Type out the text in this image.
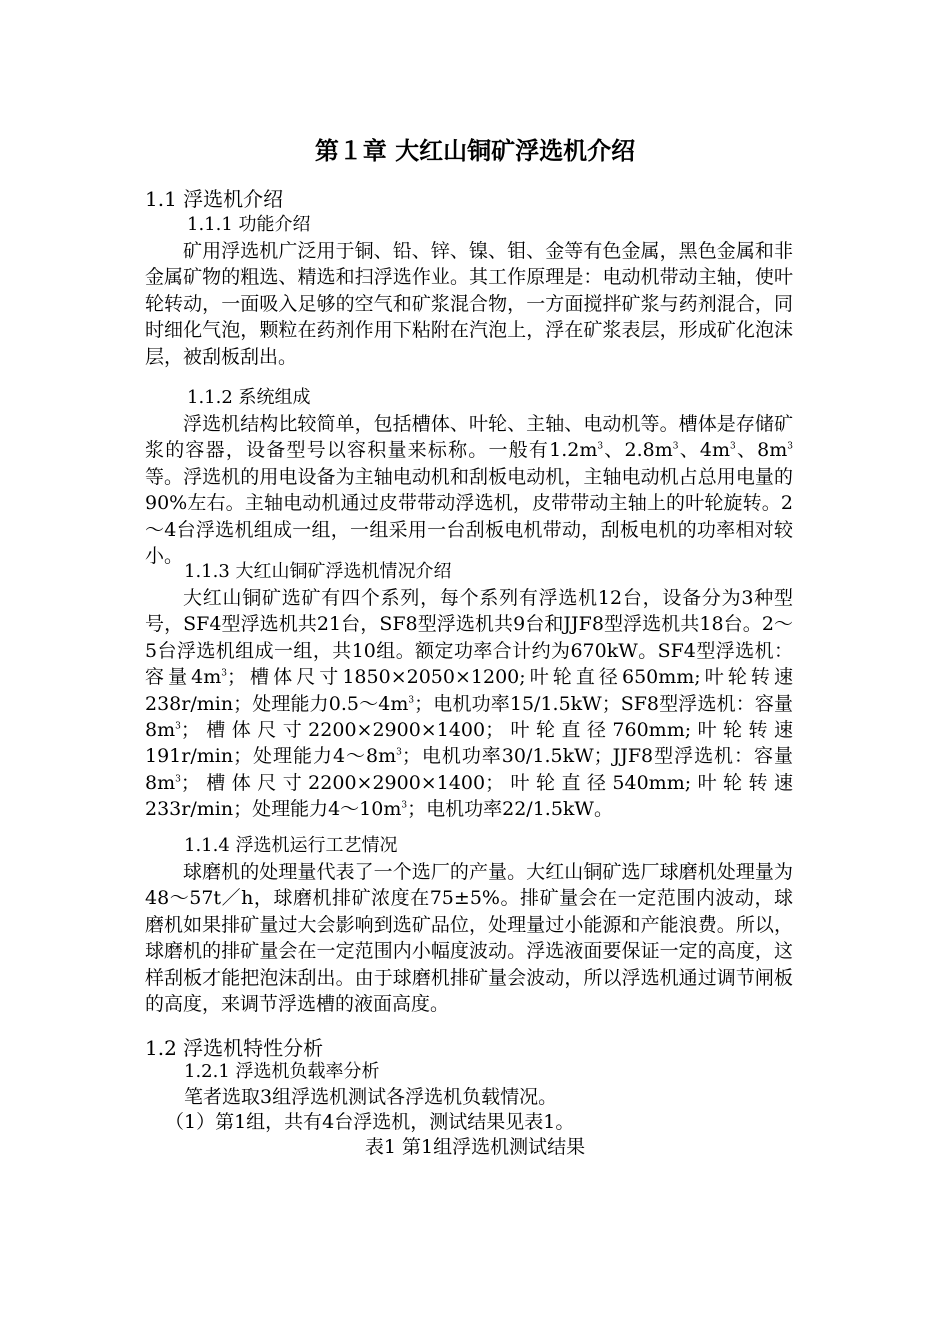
第１章 大红山铜矿浮选机介绍
1.1 浮选机介绍
1.1.1 功能介绍
矿用浮选机广泛用于铜、铅、锌、镍、钼、金等有色金属，黑色金属和非金属矿物的粗选、精选和扫浮选作业。其工作原理是：电动机带动主轴，使叶轮转动，一面吸入足够的空气和矿浆混合物，一方面搅拌矿浆与药剂混合，同时细化气泡，颗粒在药剂作用下粘附在汽泡上，浮在矿浆表层，形成矿化泡沫层，被刮板刮出。
1.1.2 系统组成
浮选机结构比较简单，包括槽体、叶轮、主轴、电动机等。槽体是存储矿浆的容器，设备型号以容积量来标称。一般有$1.2m^3$、$2.8m^3$、$4m^3$、$8m^3$等。浮选机的用电设备为主轴电动机和刮板电动机，主轴电动机占总用电量的90%左右。主轴电动机通过皮带带动浮选机，皮带带动主轴上的叶轮旋转。2～4台浮选机组成一组，一组采用一台刮板电机带动，刮板电机的功率相对较小。
1.1.3 大红山铜矿浮选机情况介绍
大红山铜矿选矿有四个系列，每个系列有浮选机12台，设备分为3种型号，SF4型浮选机共21台，SF8型浮选机共9台和JJF8型浮选机共18台。2～5台浮选机组成一组，共10组。额定功率合计约为670kW。SF4型浮选机：容量$4m^3$；槽体尺寸1850×2050×1200;叶轮直径650mm;叶轮转速238r/min；处理能力$0.5\sim 4m^3$；电机功率15/1.5kW；SF8型浮选机：容量$8m^3$；槽体尺寸2200×2900×1400；叶轮直径760mm;叶轮转速191r/min；处理能力$4\sim 8m^3$；电机功率30/1.5kW；JJF8型浮选机：容量$8m^3$；槽体尺寸2200×2900×1400；叶轮直径540mm;叶轮转速233r/min；处理能力$4\sim 10m^3$；电机功率22/1.5kW。
1.1.4 浮选机运行工艺情况
球磨机的处理量代表了一个选厂的产量。大红山铜矿选厂球磨机处理量为48～57t／h，球磨机排矿浓度在75±5%。排矿量会在一定范围内波动，球磨机如果排矿量过大会影响到选矿品位，处理量过小能源和产能浪费。所以，球磨机的排矿量会在一定范围内小幅度波动。浮选液面要保证一定的高度，这样刮板才能把泡沫刮出。由于球磨机排矿量会波动，所以浮选机通过调节闸板的高度，来调节浮选槽的液面高度。
1.2 浮选机特性分析
1.2.1 浮选机负载率分析
笔者选取3组浮选机测试各浮选机负载情况。
（1）第1组，共有4台浮选机，测试结果见表1。
表1 第1组浮选机测试结果
